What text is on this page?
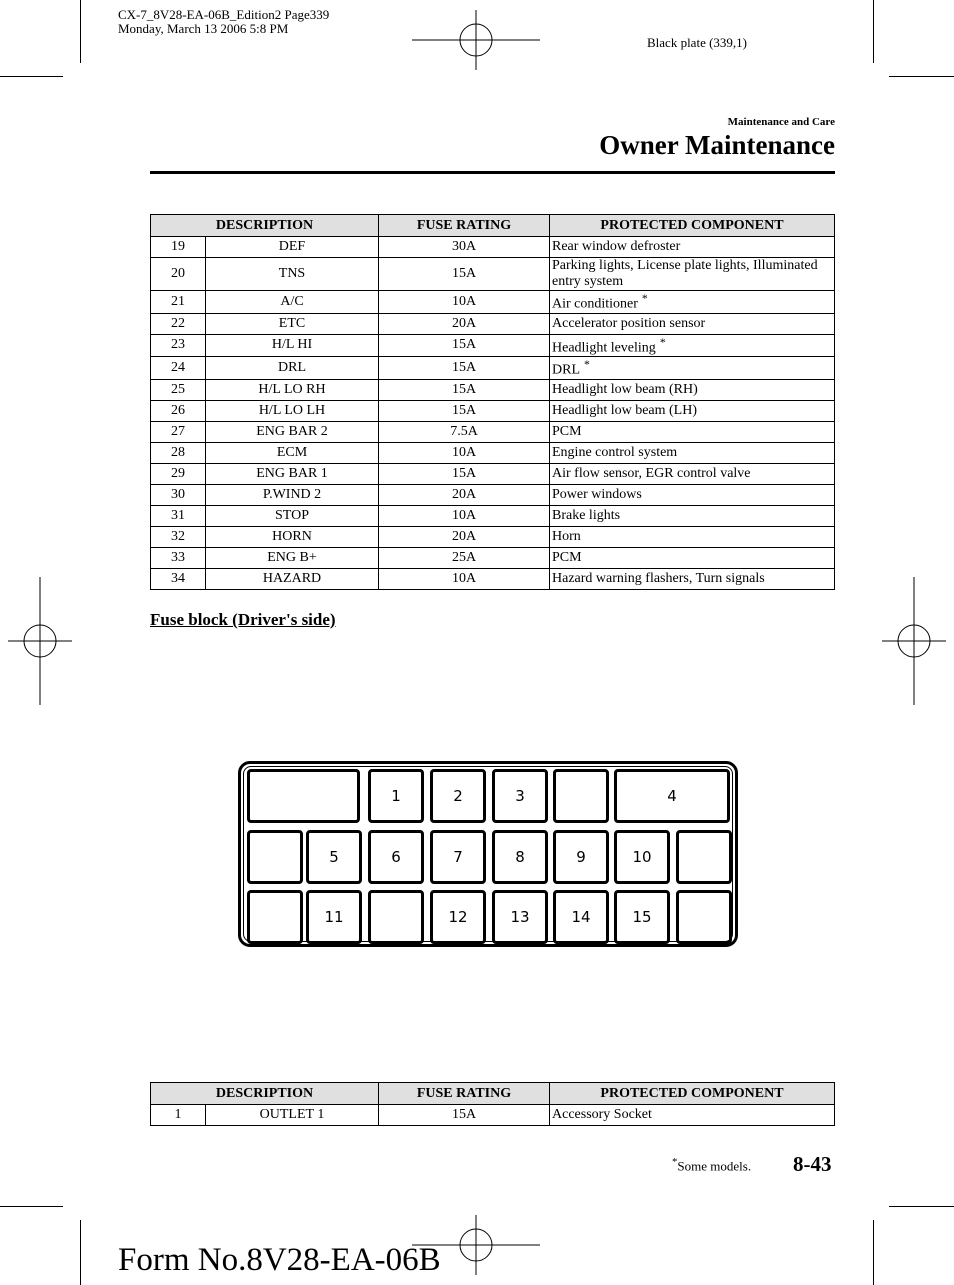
CX-7_8V28-EA-06B_Edition2 Page339
Monday, March 13 2006 5:8 PM
Black plate (339,1)
Maintenance and Care
Owner Maintenance
DESCRIPTION		FUSE RATING	PROTECTED COMPONENT
19	DEF	30A	Rear window defroster
20	TNS	15A	Parking lights, License plate lights, Illuminated entry system
21	A/C	10A	Air conditioner *
22	ETC	20A	Accelerator position sensor
23	H/L HI	15A	Headlight leveling *
24	DRL	15A	DRL *
25	H/L LO RH	15A	Headlight low beam (RH)
26	H/L LO LH	15A	Headlight low beam (LH)
27	ENG BAR 2	7.5A	PCM
28	ECM	10A	Engine control system
29	ENG BAR 1	15A	Air flow sensor, EGR control valve
30	P.WIND 2	20A	Power windows
31	STOP	10A	Brake lights
32	HORN	20A	Horn
33	ENG B+	25A	PCM
34	HAZARD	10A	Hazard warning flashers, Turn signals
Fuse block (Driver's side)
1	2	3	4
5	6	7	8	9	10
11	12	13	14	15
DESCRIPTION		FUSE RATING	PROTECTED COMPONENT
1	OUTLET 1	15A	Accessory Socket
*Some models. 8-43
Form No.8V28-EA-06B
